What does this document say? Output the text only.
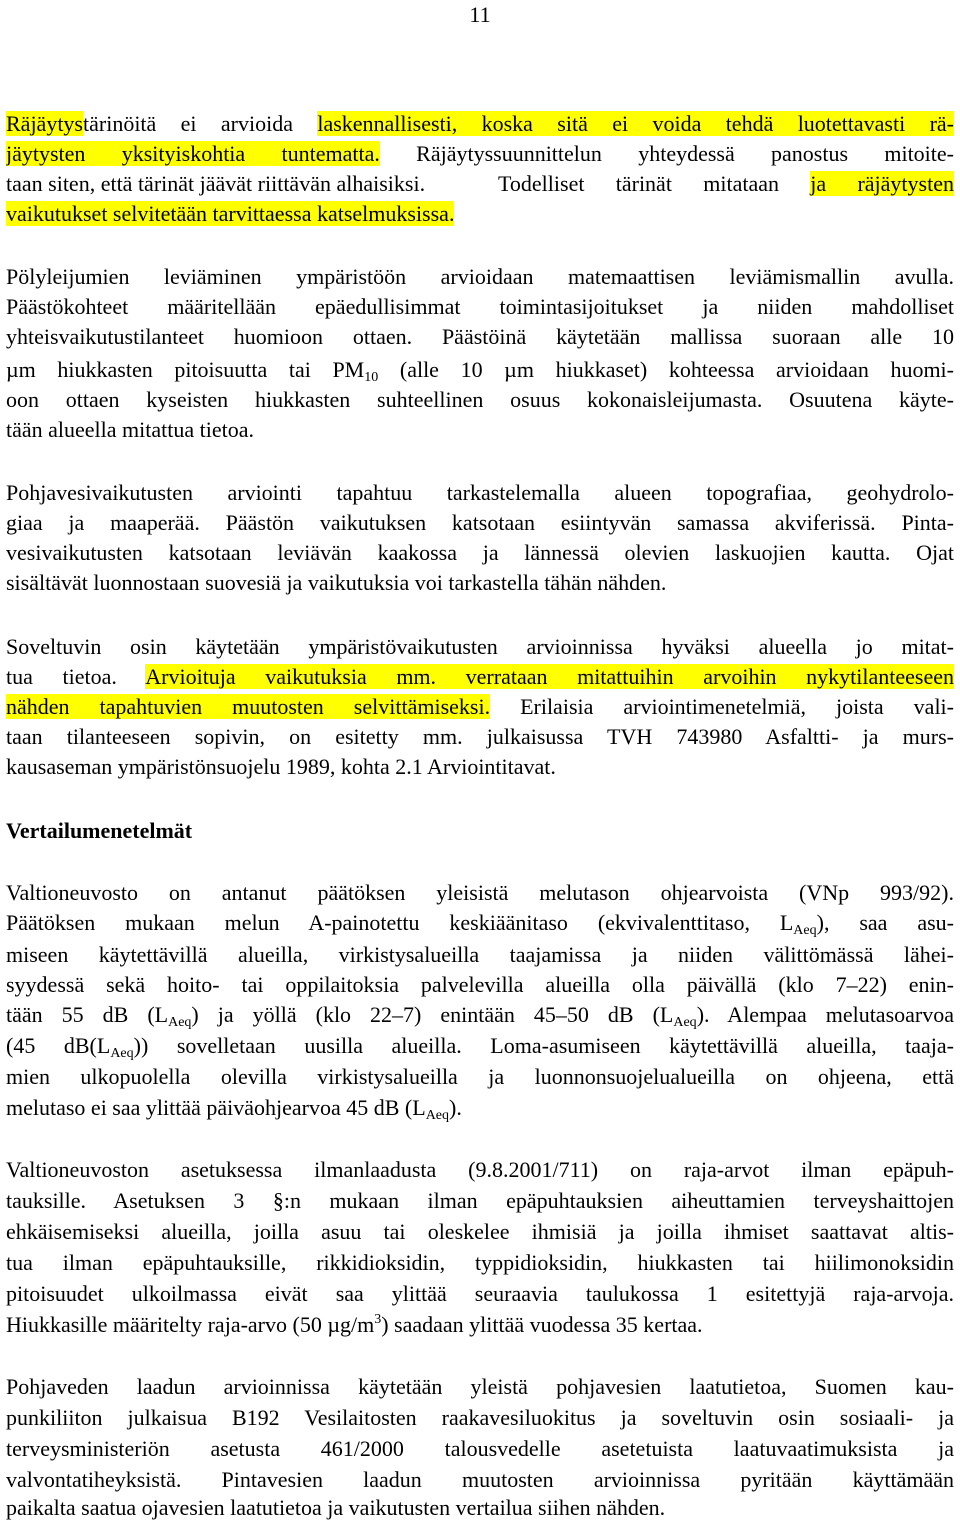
11
Räjäytystärinöitä ei arvioida laskennallisesti, koska sitä ei voida tehdä luotettavasti rä-
jäytysten yksityiskohtia tuntematta. Räjäytyssuunnittelun yhteydessä panostus mitoite-
taan siten, että tärinät jäävät riittävän alhaisiksi.	Todelliset tärinät mitataan ja räjäytysten
vaikutukset selvitetään tarvittaessa katselmuksissa.
Pölyleijumien leviäminen ympäristöön arvioidaan matemaattisen leviämismallin avulla.
Päästökohteet määritellään epäedullisimmat toimintasijoitukset ja niiden mahdolliset
yhteisvaikutustilanteet huomioon ottaen. Päästöinä käytetään mallissa suoraan alle 10
µm hiukkasten pitoisuutta tai $PM_{10}$ (alle 10 µm hiukkaset) kohteessa arvioidaan huomi-
oon ottaen kyseisten hiukkasten suhteellinen osuus kokonaisleijumasta. Osuutena käyte-
tään alueella mitattua tietoa.
Pohjavesivaikutusten arviointi tapahtuu tarkastelemalla alueen topografiaa, geohydrolo-
giaa ja maaperää. Päästön vaikutuksen katsotaan esiintyvän samassa akviferissä. Pinta-
vesivaikutusten katsotaan leviävän kaakossa ja lännessä olevien laskuojien kautta. Ojat
sisältävät luonnostaan suovesiä ja vaikutuksia voi tarkastella tähän nähden.
Soveltuvin osin käytetään ympäristövaikutusten arvioinnissa hyväksi alueella jo mitat-
tua tietoa. Arvioituja vaikutuksia mm. verrataan mitattuihin arvoihin nykytilanteeseen
nähden tapahtuvien muutosten selvittämiseksi. Erilaisia arviointimenetelmiä, joista vali-
taan tilanteeseen sopivin, on esitetty mm. julkaisussa TVH 743980 Asfaltti- ja murs-
kausaseman ympäristönsuojelu 1989, kohta 2.1 Arviointitavat.
Vertailumenetelmät
Valtioneuvosto on antanut päätöksen yleisistä melutason ohjearvoista (VNp 993/92).
Päätöksen mukaan melun A-painotettu keskiäänitaso (ekvivalenttitaso, $L_{Aeq}$), saa asu-
miseen käytettävillä alueilla, virkistysalueilla taajamissa ja niiden välittömässä lähei-
syydessä sekä hoito- tai oppilaitoksia palvelevilla alueilla olla päivällä (klo 7–22) enin-
tään 55 dB $(L_{Aeq})$ ja yöllä (klo 22–7) enintään 45–50 dB $(L_{Aeq})$. Alempaa melutasoarvoa
(45 $dB(L_{Aeq})$) sovelletaan uusilla alueilla. Loma-asumiseen käytettävillä alueilla, taaja-
mien ulkopuolella olevilla virkistysalueilla ja luonnonsuojelualueilla on ohjeena, että
melutaso ei saa ylittää päiväohjearvoa 45 dB $(L_{Aeq})$.
Valtioneuvoston asetuksessa ilmanlaadusta (9.8.2001/711) on raja-arvot ilman epäpuh-
tauksille. Asetuksen 3 §:n mukaan ilman epäpuhtauksien aiheuttamien terveyshaittojen
ehkäisemiseksi alueilla, joilla asuu tai oleskelee ihmisiä ja joilla ihmiset saattavat altis-
tua ilman epäpuhtauksille, rikkidioksidin, typpidioksidin, hiukkasten tai hiilimonoksidin
pitoisuudet ulkoilmassa eivät saa ylittää seuraavia taulukossa 1 esitettyjä raja-arvoja.
Hiukkasille määritelty raja-arvo (50 $\mu g/m^3$) saadaan ylittää vuodessa 35 kertaa.
Pohjaveden laadun arvioinnissa käytetään yleistä pohjavesien laatutietoa, Suomen kau-
punkiliiton julkaisua B192 Vesilaitosten raakavesiluokitus ja soveltuvin osin sosiaali- ja
terveysministeriön asetusta 461/2000 talousvedelle asetetuista laatuvaatimuksista ja
valvontatiheyksistä. Pintavesien laadun muutosten arvioinnissa pyritään käyttämään
paikalta saatua ojavesien laatutietoa ja vaikutusten vertailua siihen nähden.
